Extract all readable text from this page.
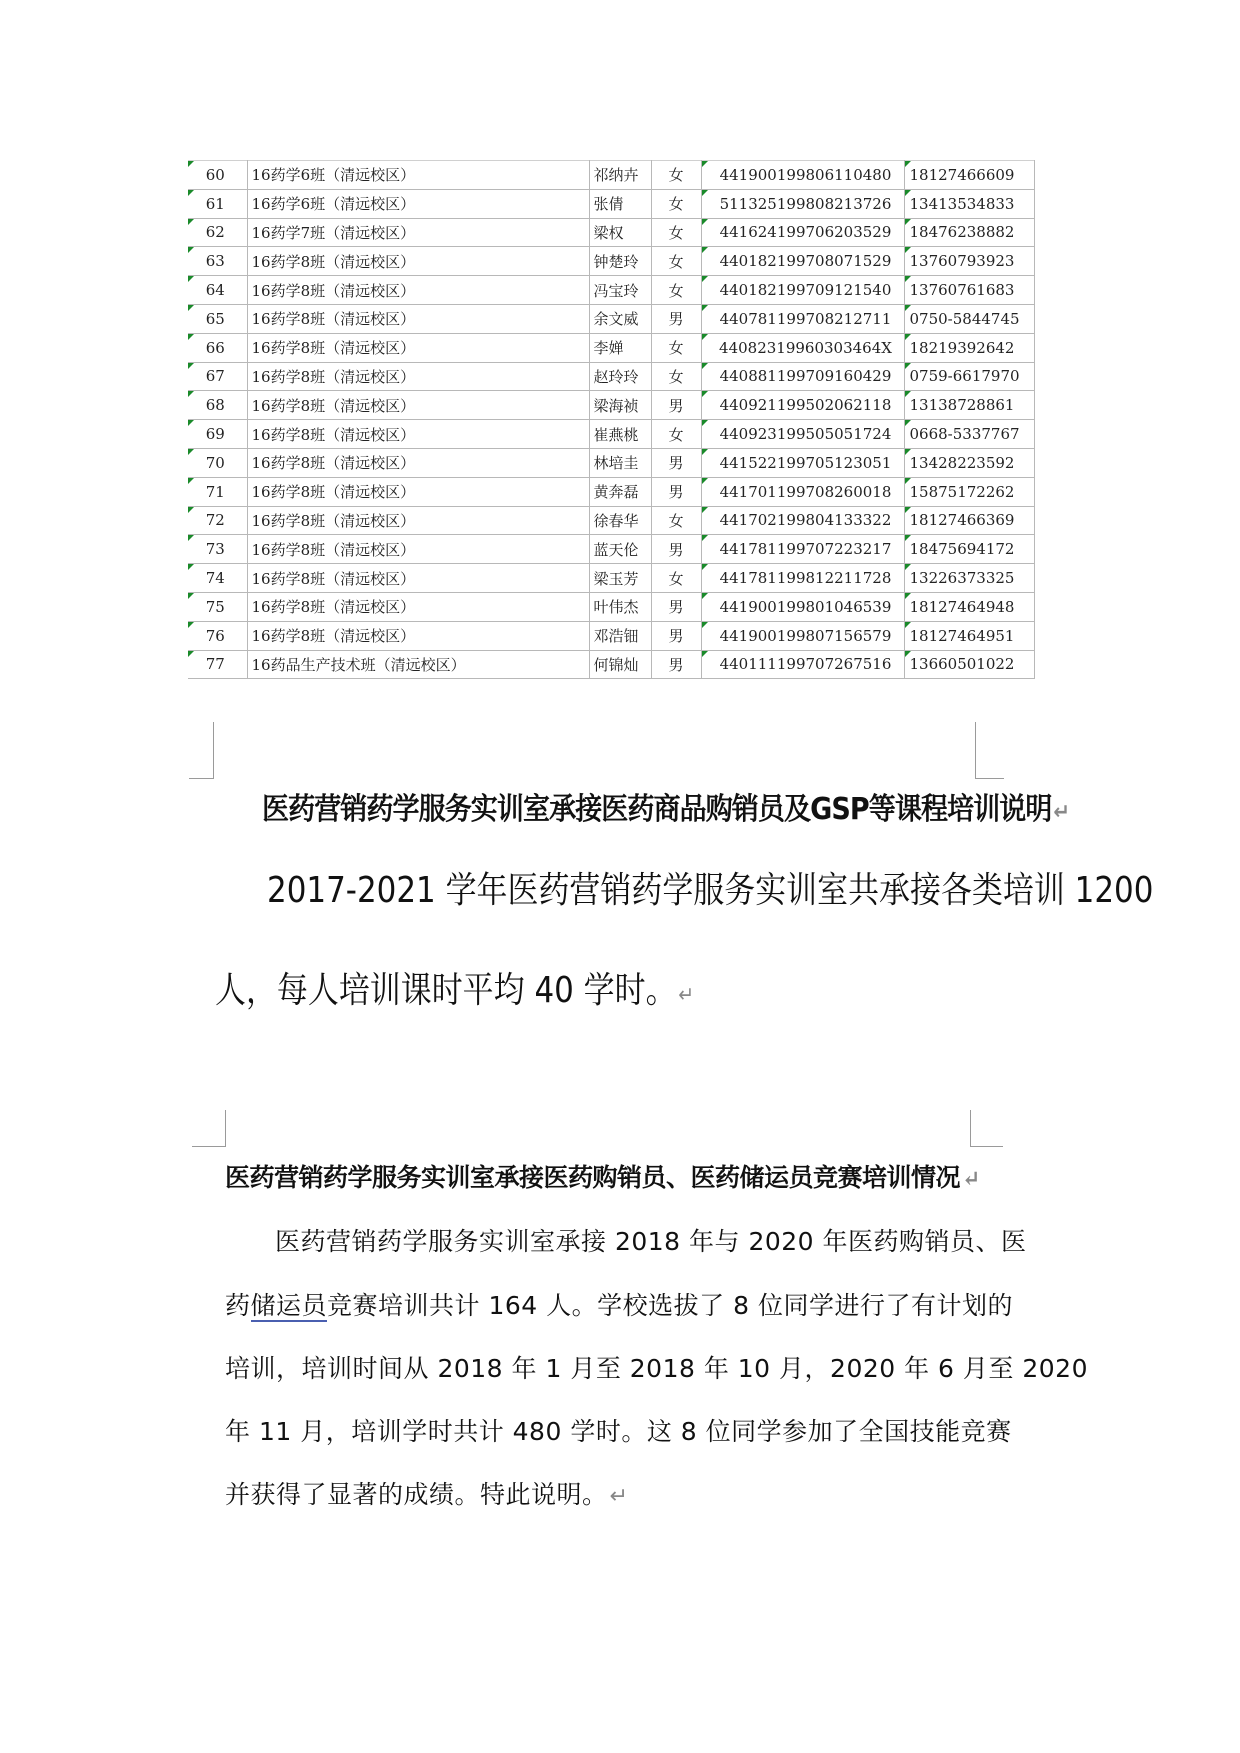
60	16药学6班（清远校区）	祁纳卉	女	441900199806110480	18127466609
61	16药学6班（清远校区）	张倩	女	511325199808213726	13413534833
62	16药学7班（清远校区）	梁权	女	441624199706203529	18476238882
63	16药学8班（清远校区）	钟楚玲	女	440182199708071529	13760793923
64	16药学8班（清远校区）	冯宝玲	女	440182199709121540	13760761683
65	16药学8班（清远校区）	余文威	男	440781199708212711	0750-5844745
66	16药学8班（清远校区）	李婵	女	44082319960303464X	18219392642
67	16药学8班（清远校区）	赵玲玲	女	440881199709160429	0759-6617970
68	16药学8班（清远校区）	梁海祯	男	440921199502062118	13138728861
69	16药学8班（清远校区）	崔燕桃	女	440923199505051724	0668-5337767
70	16药学8班（清远校区）	林培圭	男	441522199705123051	13428223592
71	16药学8班（清远校区）	黄奔磊	男	441701199708260018	15875172262
72	16药学8班（清远校区）	徐春华	女	441702199804133322	18127466369
73	16药学8班（清远校区）	蓝天伦	男	441781199707223217	18475694172
74	16药学8班（清远校区）	梁玉芳	女	441781199812211728	13226373325
75	16药学8班（清远校区）	叶伟杰	男	441900199801046539	18127464948
76	16药学8班（清远校区）	邓浩钿	男	441900199807156579	18127464951
77	16药品生产技术班（清远校区）	何锦灿	男	440111199707267516	13660501022
医药营销药学服务实训室承接医药商品购销员及GSP等课程培训说明↵
2017-2021 学年医药营销药学服务实训室共承接各类培训 1200
人，每人培训课时平均 40 学时。↵
医药营销药学服务实训室承接医药购销员、医药储运员竞赛培训情况↵
医药营销药学服务实训室承接 2018 年与 2020 年医药购销员、医
药储运员竞赛培训共计 164 人。学校选拔了 8 位同学进行了有计划的
培训，培训时间从 2018 年 1 月至 2018 年 10 月，2020 年 6 月至 2020
年 11 月，培训学时共计 480 学时。这 8 位同学参加了全国技能竞赛
并获得了显著的成绩。特此说明。↵
